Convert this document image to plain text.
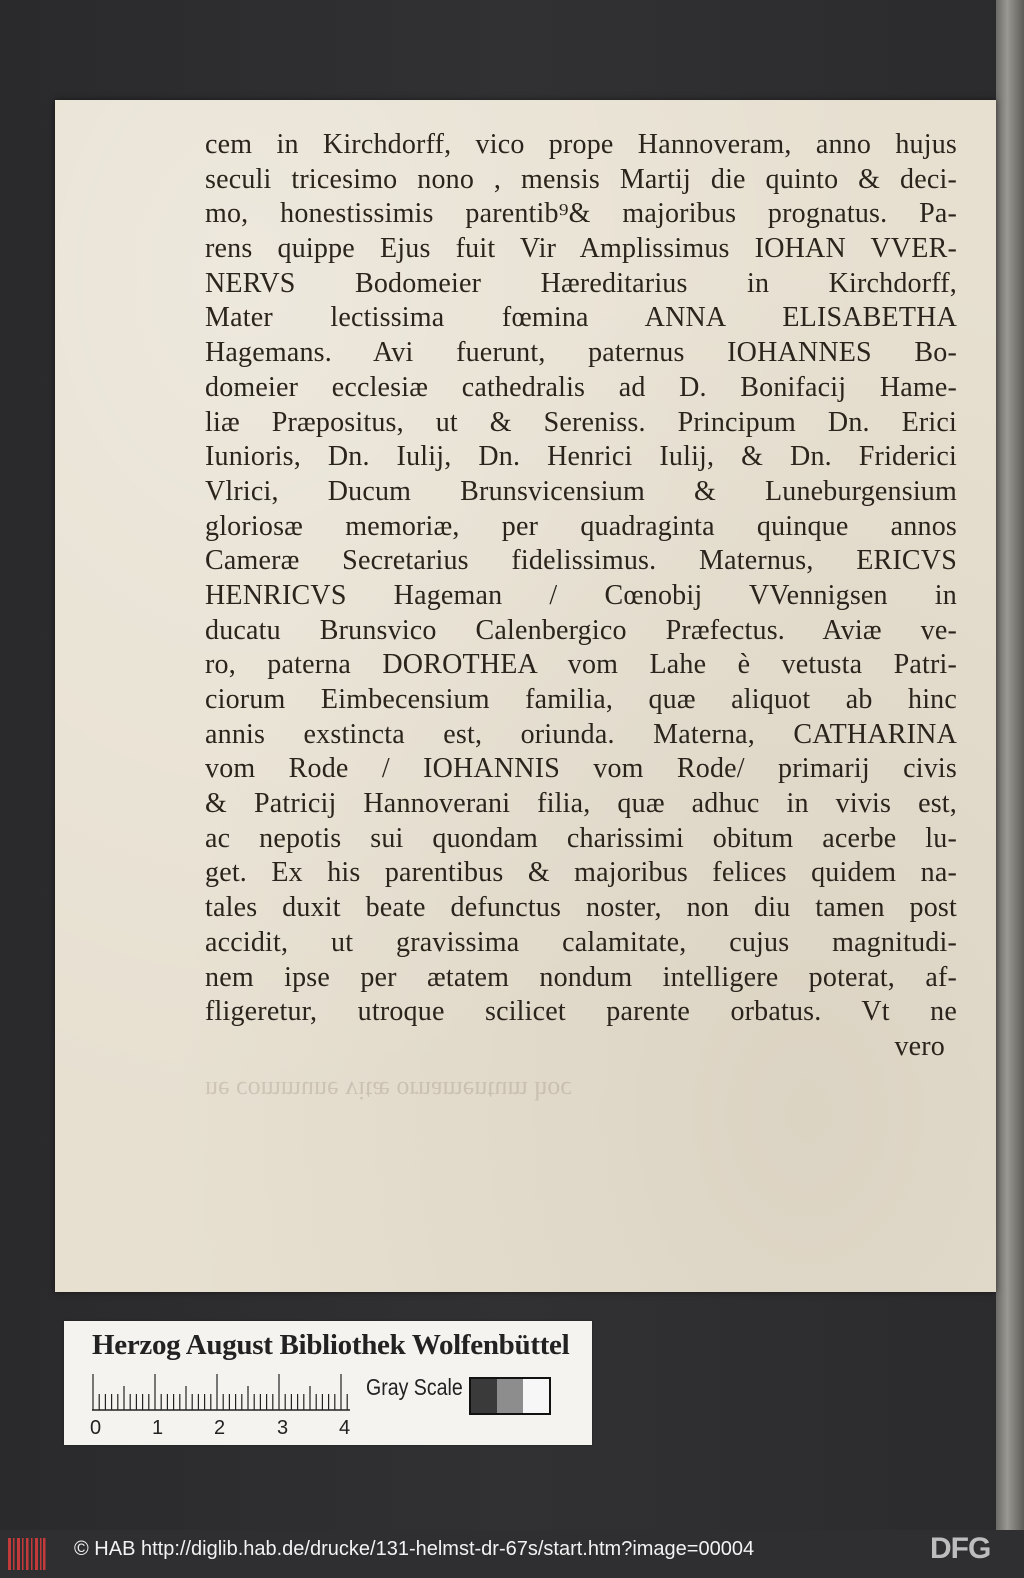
ne commune vitæ ornamentum hoc
cem in Kirchdorff, vico prope Hannoveram, anno hujus
seculi tricesimo nono , mensis Martij die quinto & deci-
mo, honestissimis parentib⁹& majoribus prognatus. Pa-
rens quippe Ejus fuit Vir Amplissimus IOHAN VVER-
NERVS Bodomeier Hæreditarius in Kirchdorff,
Mater lectissima fœmina ANNA ELISABETHA
Hagemans. Avi fuerunt, paternus IOHANNES Bo-
domeier ecclesiæ cathedralis ad D. Bonifacij Hame-
liæ Præpositus, ut & Sereniss. Principum Dn. Erici
Iunioris, Dn. Iulij, Dn. Henrici Iulij, & Dn. Friderici
Vlrici, Ducum Brunsvicensium & Luneburgensium
gloriosæ memoriæ, per quadraginta quinque annos
Cameræ Secretarius fidelissimus. Maternus, ERICVS
HENRICVS Hageman / Cœnobij VVennigsen in
ducatu Brunsvico Calenbergico Præfectus. Aviæ ve-
ro, paterna DOROTHEA vom Lahe è vetusta Patri-
ciorum Eimbecensium familia, quæ aliquot ab hinc
annis exstincta est, oriunda. Materna, CATHARINA
vom Rode / IOHANNIS vom Rode/ primarij civis
& Patricij Hannoverani filia, quæ adhuc in vivis est,
ac nepotis sui quondam charissimi obitum acerbe lu-
get. Ex his parentibus & majoribus felices quidem na-
tales duxit beate defunctus noster, non diu tamen post
accidit, ut gravissima calamitate, cujus magnitudi-
nem ipse per ætatem nondum intelligere poterat, af-
fligeretur, utroque scilicet parente orbatus. Vt ne
vero
Herzog August Bibliothek Wolfenbüttel
0	1	2	3	4
Gray Scale
© HAB http://diglib.hab.de/drucke/131-helmst-dr-67s/start.htm?image=00004	DFG
